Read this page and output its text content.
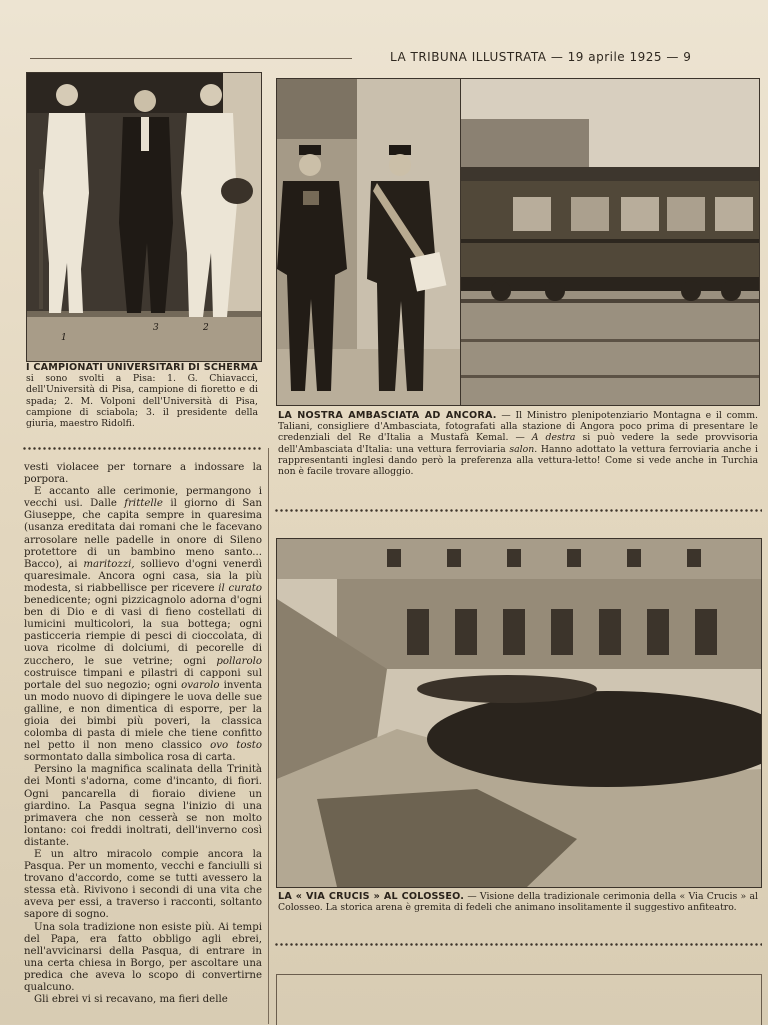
LA TRIBUNA ILLUSTRATA — 19 aprile 1925 — 9
1
3	2
I CAMPIONATI UNIVERSITARI DI SCHERMA si sono svolti a Pisa: 1. G. Chiavacci, dell'Università di Pisa, campione di fioretto e di spada; 2. M. Volponi dell'Università di Pisa, campione di sciabola; 3. il presidente della giuria, maestro Ridolfi.
LA NOSTRA AMBASCIATA AD ANCORA. — Il Ministro plenipotenziario Montagna e il comm. Taliani, consigliere d'Ambasciata, fotografati alla stazione di Angora poco prima di presentare le credenziali del Re d'Italia a Mustafà Kemal. — A destra si può vedere la sede provvisoria dell'Ambasciata d'Italia: una vettura ferroviaria salon. Hanno adottato la vettura ferroviaria anche i rappresentanti inglesi dando però la preferenza alla vettura-letto! Come si vede anche in Turchia non è facile trovare alloggio.
LA « VIA CRUCIS » AL COLOSSEO. — Visione della tradizionale cerimonia della « Via Crucis » al Colosseo. La storica arena è gremita di fedeli che animano insolitamente il suggestivo anfiteatro.

vesti violacee per tornare a indossare la porpora.

E accanto alle cerimonie, permangono i vecchi usi. Dalle frittelle il giorno di San Giuseppe, che capita sempre in quaresima (usanza ereditata dai romani che le facevano arrosolare nelle padelle in onore di Sileno protettore di un bambino meno santo... Bacco), ai maritozzi, sollievo d'ogni venerdì quaresimale. Ancora ogni casa, sia la più modesta, si riabbellisce per ricevere il curato benedicente; ogni pizzicagnolo adorna d'ogni ben di Dio e di vasi di fieno costellati di lumicini multicolori, la sua bottega; ogni pasticceria riempie di pesci di cioccolata, di uova ricolme di dolciumi, di pecorelle di zucchero, le sue vetrine; ogni pollarolo costruisce timpani e pilastri di capponi sul portale del suo negozio; ogni ovarolo inventa un modo nuovo di dipingere le uova delle sue galline, e non dimentica di esporre, per la gioia dei bimbi più poveri, la classica colomba di pasta di miele che tiene confitto nel petto il non meno classico ovo tosto sormontato dalla simbolica rosa di carta.

Persino la magnifica scalinata della Trinità dei Monti s'adorna, come d'incanto, di fiori. Ogni pancarella di fioraio diviene un giardino. La Pasqua segna l'inizio di una primavera che non cesserà se non molto lontano: coi freddi inoltrati, dell'inverno così distante.

E un altro miracolo compie ancora la Pasqua. Per un momento, vecchi e fanciulli si trovano d'accordo, come se tutti avessero la stessa età. Rivivono i secondi di una vita che aveva per essi, a traverso i racconti, soltanto sapore di sogno.

Una sola tradizione non esiste più. Ai tempi del Papa, era fatto obbligo agli ebrei, nell'avvicinarsi della Pasqua, di entrare in una certa chiesa in Borgo, per ascoltare una predica che aveva lo scopo di convertirne qualcuno.

Gli ebrei vi si recavano, ma fieri delle
